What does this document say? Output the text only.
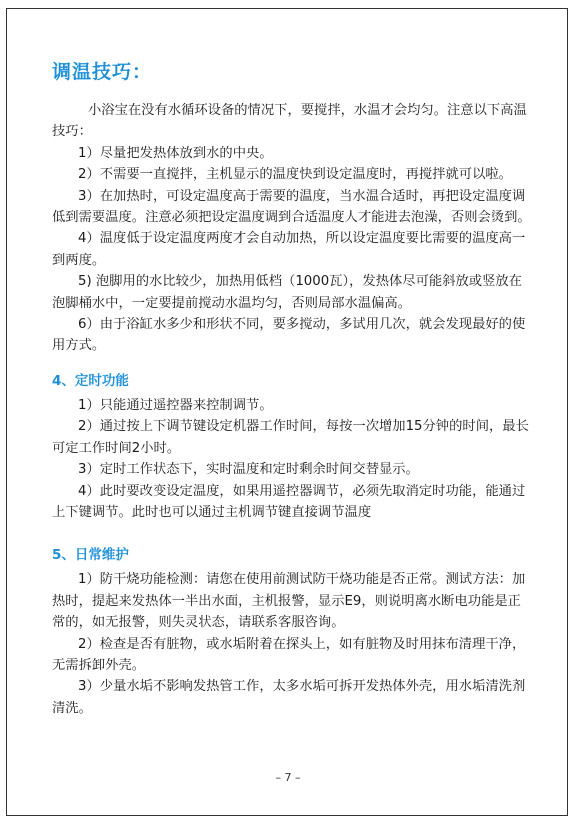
调温技巧：

小浴宝在没有水循环设备的情况下，要搅拌，水温才会均匀。注意以下高温技巧：

1）尽量把发热体放到水的中央。

2）不需要一直搅拌，主机显示的温度快到设定温度时，再搅拌就可以啦。

3）在加热时，可设定温度高于需要的温度，当水温合适时，再把设定温度调低到需要温度。注意必须把设定温度调到合适温度人才能进去泡澡，否则会烫到。

4）温度低于设定温度两度才会自动加热，所以设定温度要比需要的温度高一到两度。

5) 泡脚用的水比较少，加热用低档（1000瓦），发热体尽可能斜放或竖放在泡脚桶水中，一定要提前搅动水温均匀，否则局部水温偏高。

6）由于浴缸水多少和形状不同，要多搅动，多试用几次，就会发现最好的使用方式。

4、定时功能

1）只能通过遥控器来控制调节。

2）通过按上下调节键设定机器工作时间，每按一次增加15分钟的时间，最长可定工作时间2小时。

3）定时工作状态下，实时温度和定时剩余时间交替显示。

4）此时要改变设定温度，如果用遥控器调节，必须先取消定时功能，能通过上下键调节。此时也可以通过主机调节键直接调节温度

5、日常维护

1）防干烧功能检测：请您在使用前测试防干烧功能是否正常。测试方法：加热时，提起来发热体一半出水面，主机报警，显示E9，则说明离水断电功能是正常的，如无报警，则失灵状态，请联系客服咨询。

2）检查是否有脏物，或水垢附着在探头上，如有脏物及时用抹布清理干净，无需拆卸外壳。

3）少量水垢不影响发热管工作，太多水垢可拆开发热体外壳，用水垢清洗剂清洗。

– 7 –
